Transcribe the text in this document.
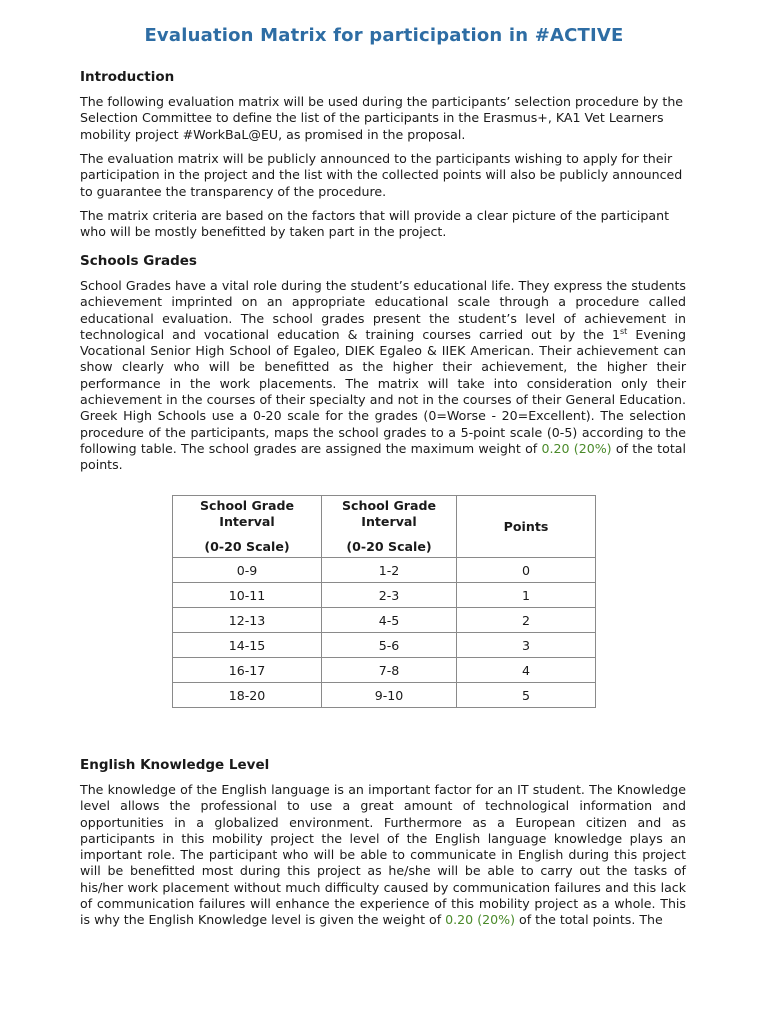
Evaluation Matrix for participation in #ACTIVE
Introduction

The following evaluation matrix will be used during the participants’ selection procedure by the Selection Committee to define the list of the participants in the Erasmus+, KA1 Vet Learners mobility project #WorkBaL@EU, as promised in the proposal.

The evaluation matrix will be publicly announced to the participants wishing to apply for their participation in the project and the list with the collected points will also be publicly announced to guarantee the transparency of the procedure.

The matrix criteria are based on the factors that will provide a clear picture of the participant who will be mostly benefitted by taken part in the project.

Schools Grades

School Grades have a vital role during the student’s educational life. They express the students achievement imprinted on an appropriate educational scale through a procedure called educational evaluation. The school grades present the student’s level of achievement in technological and vocational education & training courses carried out by the 1st Evening Vocational Senior High School of Egaleo, DIEK Egaleo & IIEK American. Their achievement can show clearly who will be benefitted as the higher their achievement, the higher their performance in the work placements. The matrix will take into consideration only their achievement in the courses of their specialty and not in the courses of their General Education. Greek High Schools use a 0-20 scale for the grades (0=Worse - 20=Excellent). The selection procedure of the participants, maps the school grades to a 5-point scale (0-5) according to the following table. The school grades are assigned the maximum weight of 0.20 (20%) of the total points.

School Grade
Interval
(0-20 Scale)	School Grade
Interval
(0-20 Scale)	Points
0-9	1-2	0
10-11	2-3	1
12-13	4-5	2
14-15	5-6	3
16-17	7-8	4
18-20	9-10	5
English Knowledge Level

The knowledge of the English language is an important factor for an IT student. The Knowledge level allows the professional to use a great amount of technological information and opportunities in a globalized environment. Furthermore as a European citizen and as participants in this mobility project the level of the English language knowledge plays an important role. The participant who will be able to communicate in English during this project will be benefitted most during this project as he/she will be able to carry out the tasks of his/her work placement without much difficulty caused by communication failures and this lack of communication failures will enhance the experience of this mobility project as a whole. This is why the English Knowledge level is given the weight of 0.20 (20%) of the total points. The
